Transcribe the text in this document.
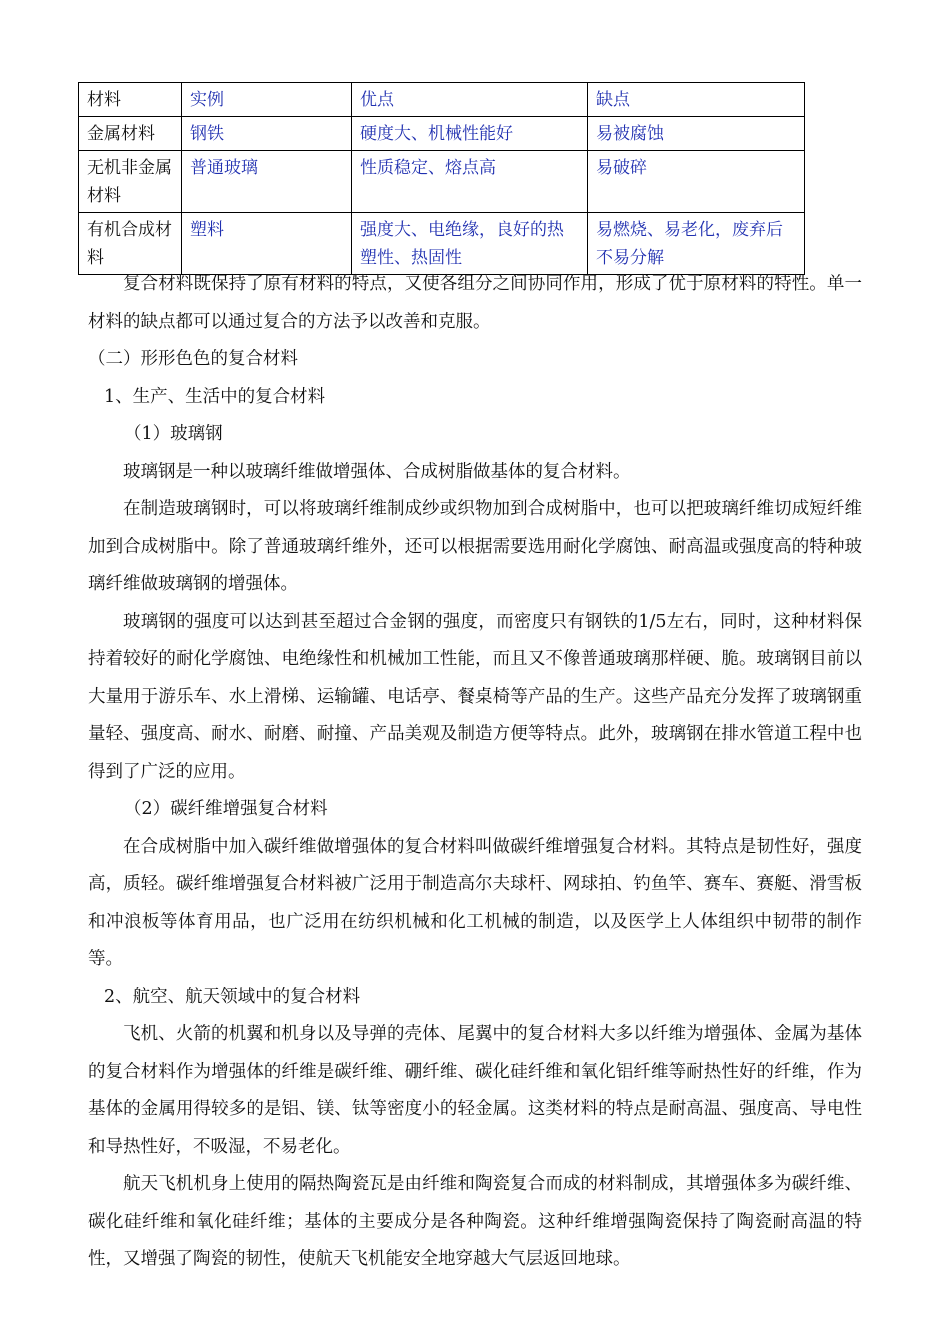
材料	实例	优点	缺点
金属材料	钢铁	硬度大、机械性能好	易被腐蚀
无机非金属材料	普通玻璃	性质稳定、熔点高	易破碎
有机合成材料	塑料	强度大、电绝缘，良好的热塑性、热固性	易燃烧、易老化，废弃后不易分解

复合材料既保持了原有材料的特点，又使各组分之间协同作用，形成了优于原材料的特性。单一材料的缺点都可以通过复合的方法予以改善和克服。

（二）形形色色的复合材料

1、生产、生活中的复合材料

（1）玻璃钢

玻璃钢是一种以玻璃纤维做增强体、合成树脂做基体的复合材料。

在制造玻璃钢时，可以将玻璃纤维制成纱或织物加到合成树脂中，也可以把玻璃纤维切成短纤维加到合成树脂中。除了普通玻璃纤维外，还可以根据需要选用耐化学腐蚀、耐高温或强度高的特种玻璃纤维做玻璃钢的增强体。

玻璃钢的强度可以达到甚至超过合金钢的强度，而密度只有钢铁的1/5左右，同时，这种材料保持着较好的耐化学腐蚀、电绝缘性和机械加工性能，而且又不像普通玻璃那样硬、脆。玻璃钢目前以大量用于游乐车、水上滑梯、运输罐、电话亭、餐桌椅等产品的生产。这些产品充分发挥了玻璃钢重量轻、强度高、耐水、耐磨、耐撞、产品美观及制造方便等特点。此外，玻璃钢在排水管道工程中也得到了广泛的应用。

（2）碳纤维增强复合材料

在合成树脂中加入碳纤维做增强体的复合材料叫做碳纤维增强复合材料。其特点是韧性好，强度高，质轻。碳纤维增强复合材料被广泛用于制造高尔夫球杆、网球拍、钓鱼竿、赛车、赛艇、滑雪板和冲浪板等体育用品，也广泛用在纺织机械和化工机械的制造，以及医学上人体组织中韧带的制作等。

2、航空、航天领域中的复合材料

飞机、火箭的机翼和机身以及导弹的壳体、尾翼中的复合材料大多以纤维为增强体、金属为基体的复合材料作为增强体的纤维是碳纤维、硼纤维、碳化硅纤维和氧化铝纤维等耐热性好的纤维，作为基体的金属用得较多的是铝、镁、钛等密度小的轻金属。这类材料的特点是耐高温、强度高、导电性和导热性好，不吸湿，不易老化。

航天飞机机身上使用的隔热陶瓷瓦是由纤维和陶瓷复合而成的材料制成，其增强体多为碳纤维、碳化硅纤维和氧化硅纤维；基体的主要成分是各种陶瓷。这种纤维增强陶瓷保持了陶瓷耐高温的特性，又增强了陶瓷的韧性，使航天飞机能安全地穿越大气层返回地球。
